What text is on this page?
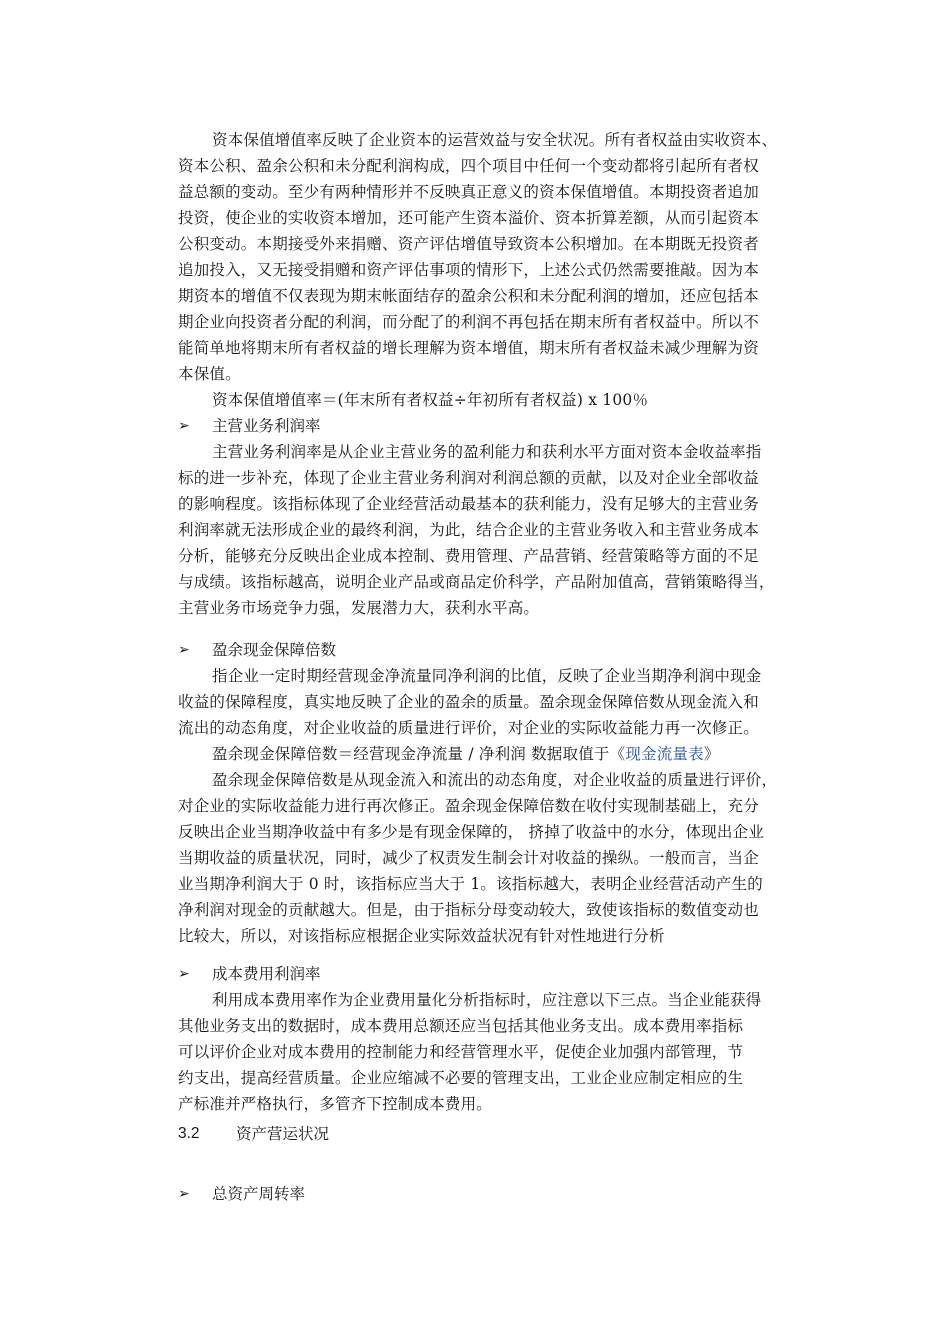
资本保值增值率反映了企业资本的运营效益与安全状况。所有者权益由实收资本、
资本公积、盈余公积和未分配利润构成，四个项目中任何一个变动都将引起所有者权
益总额的变动。至少有两种情形并不反映真正意义的资本保值增值。本期投资者追加
投资，使企业的实收资本增加，还可能产生资本溢价、资本折算差额，从而引起资本
公积变动。本期接受外来捐赠、资产评估增值导致资本公积增加。在本期既无投资者
追加投入，又无接受捐赠和资产评估事项的情形下，上述公式仍然需要推敲。因为本
期资本的增值不仅表现为期末帐面结存的盈余公积和未分配利润的增加，还应包括本
期企业向投资者分配的利润，而分配了的利润不再包括在期末所有者权益中。所以不
能简单地将期末所有者权益的增长理解为资本增值，期末所有者权益未减少理解为资
本保值。
资本保值增值率＝(年末所有者权益÷年初所有者权益) x 100％
➢ 主营业务利润率
主营业务利润率是从企业主营业务的盈利能力和获利水平方面对资本金收益率指
标的进一步补充，体现了企业主营业务利润对利润总额的贡献，以及对企业全部收益
的影响程度。该指标体现了企业经营活动最基本的获利能力，没有足够大的主营业务
利润率就无法形成企业的最终利润，为此，结合企业的主营业务收入和主营业务成本
分析，能够充分反映出企业成本控制、费用管理、产品营销、经营策略等方面的不足
与成绩。该指标越高，说明企业产品或商品定价科学，产品附加值高，营销策略得当，
主营业务市场竞争力强，发展潜力大，获利水平高。
➢ 盈余现金保障倍数
指企业一定时期经营现金净流量同净利润的比值，反映了企业当期净利润中现金
收益的保障程度，真实地反映了企业的盈余的质量。盈余现金保障倍数从现金流入和
流出的动态角度，对企业收益的质量进行评价，对企业的实际收益能力再一次修正。
盈余现金保障倍数＝经营现金净流量 / 净利润 数据取值于《现金流量表》
盈余现金保障倍数是从现金流入和流出的动态角度，对企业收益的质量进行评价，
对企业的实际收益能力进行再次修正。盈余现金保障倍数在收付实现制基础上，充分
反映出企业当期净收益中有多少是有现金保障的， 挤掉了收益中的水分，体现出企业
当期收益的质量状况，同时，减少了权责发生制会计对收益的操纵。一般而言，当企
业当期净利润大于 0 时，该指标应当大于 1。该指标越大，表明企业经营活动产生的
净利润对现金的贡献越大。但是，由于指标分母变动较大，致使该指标的数值变动也
比较大，所以，对该指标应根据企业实际效益状况有针对性地进行分析
➢ 成本费用利润率
利用成本费用率作为企业费用量化分析指标时，应注意以下三点。当企业能获得
其他业务支出的数据时，成本费用总额还应当包括其他业务支出。成本费用率指标
可以评价企业对成本费用的控制能力和经营管理水平，促使企业加强内部管理，节
约支出，提高经营质量。企业应缩减不必要的管理支出，工业企业应制定相应的生
产标准并严格执行，多管齐下控制成本费用。
3.2 资产营运状况
➢ 总资产周转率
